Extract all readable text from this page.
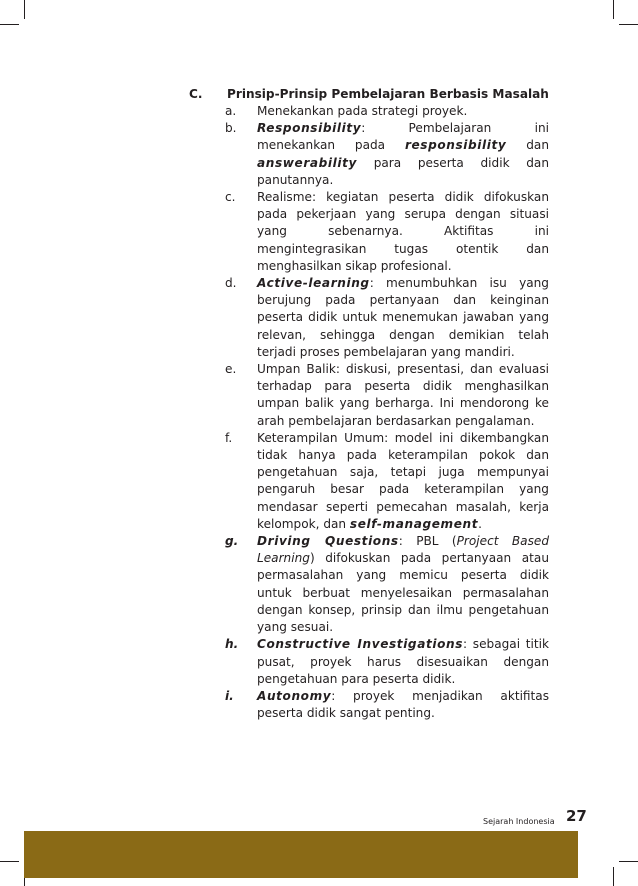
C.	Prinsip-Prinsip Pembelajaran Berbasis Masalah
a.	Menekankan pada strategi proyek.
b.	Responsibility: Pembelajaran ini menekankan pada responsibility dan answerability para peserta didik dan panutannya.
c.	Realisme: kegiatan peserta didik difokuskan pada pekerjaan yang serupa dengan situasi yang sebenarnya. Aktifitas ini mengintegrasikan tugas otentik dan menghasilkan sikap profesional.
d.	Active-learning: menumbuhkan isu yang berujung pada pertanyaan dan keinginan peserta didik untuk menemukan jawaban yang relevan, sehingga dengan demikian telah terjadi proses pembelajaran yang mandiri.
e.	Umpan Balik: diskusi, presentasi, dan evaluasi terhadap para peserta didik menghasilkan umpan balik yang berharga. Ini mendorong ke arah pembelajaran berdasarkan pengalaman.
f.	Keterampilan Umum: model ini dikembangkan tidak hanya pada keterampilan pokok dan pengetahuan saja, tetapi juga mempunyai pengaruh besar pada keterampilan yang mendasar seperti pemecahan masalah, kerja kelompok, dan self-management.
g.	Driving Questions: PBL (Project Based Learning) difokuskan pada pertanyaan atau permasalahan yang memicu peserta didik untuk berbuat menyelesaikan permasalahan dengan konsep, prinsip dan ilmu pengetahuan yang sesuai.
h.	Constructive Investigations: sebagai titik pusat, proyek harus disesuaikan dengan pengetahuan para peserta didik.
i.	Autonomy: proyek menjadikan aktifitas peserta didik sangat penting.
Sejarah Indonesia 27
